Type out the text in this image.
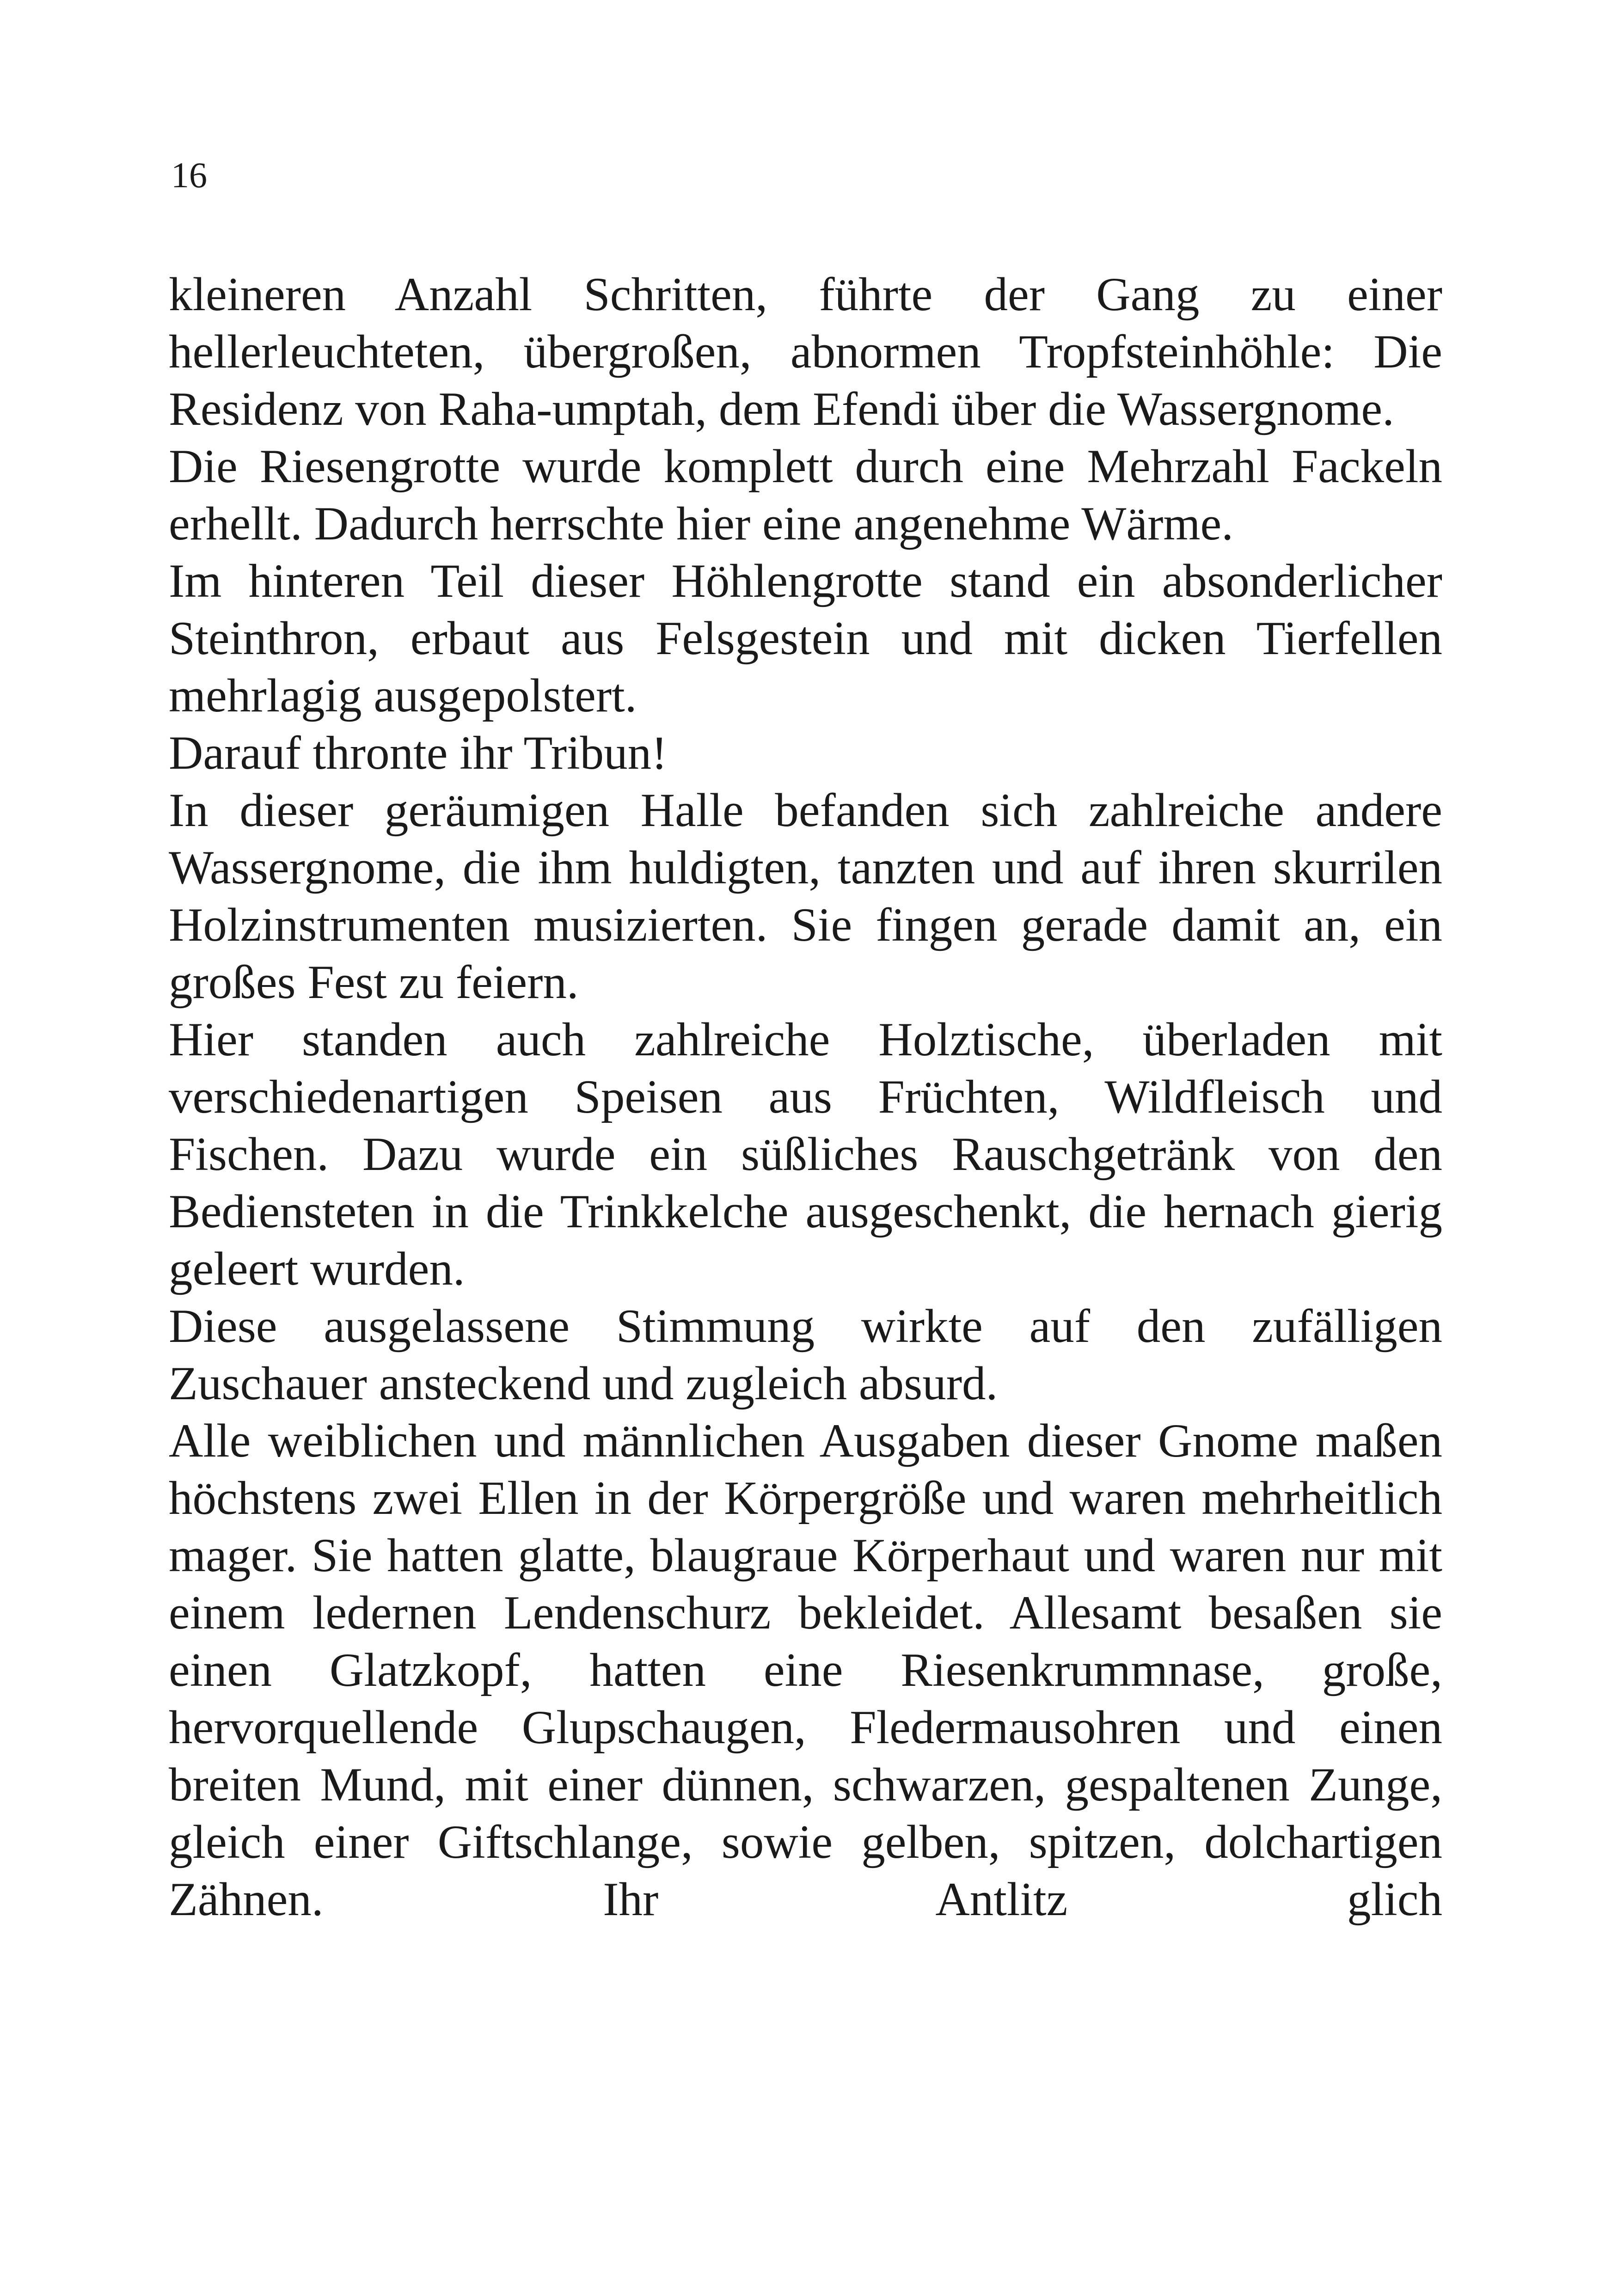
16

kleineren Anzahl Schritten, führte der Gang zu einer hellerleuchteten, übergroßen, abnormen Tropfsteinhöhle: Die Residenz von Raha-umptah, dem Efendi über die Wassergnome.

Die Riesengrotte wurde komplett durch eine Mehrzahl Fackeln erhellt. Dadurch herrschte hier eine angenehme Wärme.

Im hinteren Teil dieser Höhlengrotte stand ein absonderlicher Steinthron, erbaut aus Felsgestein und mit dicken Tierfellen mehrlagig ausgepolstert.

Darauf thronte ihr Tribun!

In dieser geräumigen Halle befanden sich zahlreiche andere Wassergnome, die ihm huldigten, tanzten und auf ihren skurrilen Holzinstrumenten musizierten. Sie fingen gerade damit an, ein großes Fest zu feiern.

Hier standen auch zahlreiche Holztische, überladen mit verschiedenartigen Speisen aus Früchten, Wildfleisch und Fischen. Dazu wurde ein süßliches Rauschgetränk von den Bediensteten in die Trinkkelche ausgeschenkt, die hernach gierig geleert wurden.

Diese ausgelassene Stimmung wirkte auf den zufälligen Zuschauer ansteckend und zugleich absurd.

Alle weiblichen und männlichen Ausgaben dieser Gnome maßen höchstens zwei Ellen in der Körpergröße und waren mehrheitlich mager. Sie hatten glatte, blaugraue Körperhaut und waren nur mit einem ledernen Lendenschurz bekleidet. Allesamt besaßen sie einen Glatzkopf, hatten eine Riesenkrummnase, große, hervorquellende Glupschaugen, Fledermausohren und einen breiten Mund, mit einer dünnen, schwarzen, gespaltenen Zunge, gleich einer Giftschlange, sowie gelben, spitzen, dolchartigen Zähnen. Ihr Antlitz glich
